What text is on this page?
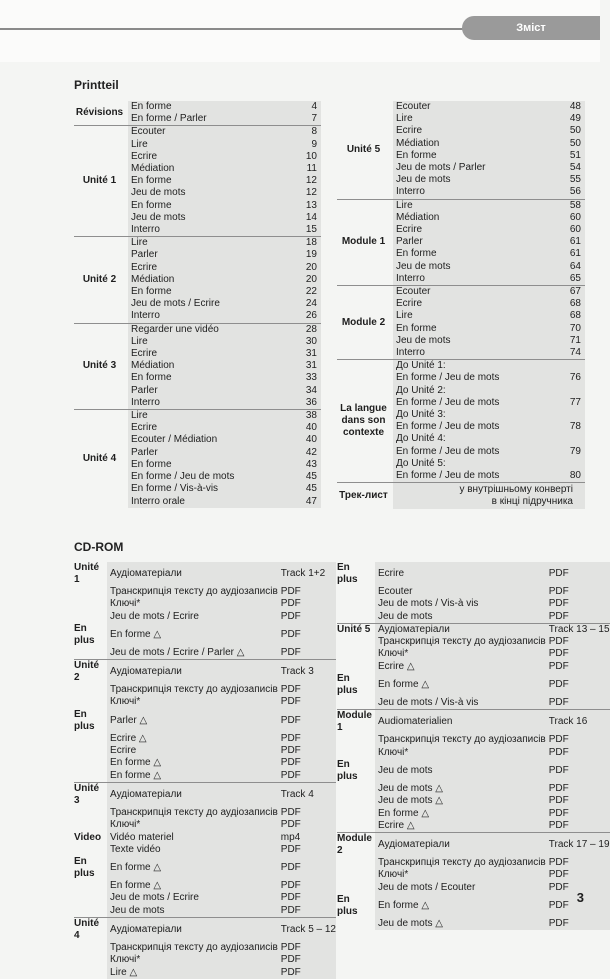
Зміст
Printteil
Révisions	En forme	4
	En forme / Parler	7
Unité 1	Ecouter	8
	Lire	9
	Ecrire	10
	Médiation	11
	En forme	12
	Jeu de mots	12
	En forme	13
	Jeu de mots	14
	Interro	15
Unité 2	Lire	18
	Parler	19
	Ecrire	20
	Médiation	20
	En forme	22
	Jeu de mots / Ecrire	24
	Interro	26
Unité 3	Regarder une vidéo	28
	Lire	30
	Ecrire	31
	Médiation	31
	En forme	33
	Parler	34
	Interro	36
Unité 4	Lire	38
	Ecrire	40
	Ecouter / Médiation	40
	Parler	42
	En forme	43
	En forme / Jeu de mots	45
	En forme / Vis-à-vis	45
	Interro orale	47
Unité 5	Ecouter	48
	Lire	49
	Ecrire	50
	Médiation	50
	En forme	51
	Jeu de mots / Parler	54
	Jeu de mots	55
	Interro	56
Module 1	Lire	58
	Médiation	60
	Ecrire	60
	Parler	61
	En forme	61
	Jeu de mots	64
	Interro	65
Module 2	Ecouter	67
	Ecrire	68
	Lire	68
	En forme	70
	Jeu de mots	71
	Interro	74
La langue dans son contexte	До Unité 1:	
	En forme / Jeu de mots	76
	До Unité 2:	
	En forme / Jeu de mots	77
	До Unité 3:	
	En forme / Jeu de mots	78
	До Unité 4:	
	En forme / Jeu de mots	79
	До Unité 5:	
	En forme / Jeu de mots	80
Трек-лист	у внутрішньому конверті
в кінці підручника	
CD-ROM
Unité 1	Аудіоматеріали	Track 1+2
	Транскрипція тексту до аудіозаписів	PDF
	Ключі*	PDF
	Jeu de mots / Ecrire	PDF
En plus	En forme △	PDF
	Jeu de mots / Ecrire / Parler △	PDF
Unité 2	Аудіоматеріали	Track 3
	Транскрипція тексту до аудіозаписів	PDF
	Ключі*	PDF
En plus	Parler △	PDF
	Ecrire △	PDF
	Ecrire	PDF
	En forme △	PDF
	En forme △	PDF
Unité 3	Аудіоматеріали	Track 4
	Транскрипція тексту до аудіозаписів	PDF
	Ключі*	PDF
Video	Vidéo materiel	mp4
	Texte vidéo	PDF
En plus	En forme △	PDF
	En forme △	PDF
	Jeu de mots / Ecrire	PDF
	Jeu de mots	PDF
Unité 4	Аудіоматеріали	Track 5 – 12
	Транскрипція тексту до аудіозаписів	PDF
	Ключі*	PDF
	Lire △	PDF
En plus	Ecrire	PDF
	Ecouter	PDF
	Jeu de mots / Vis-à vis	PDF
	Jeu de mots	PDF
Unité 5	Аудіоматеріали	Track 13 – 15
	Транскрипція тексту до аудіозаписів	PDF
	Ключі*	PDF
	Ecrire △	PDF
En plus	En forme △	PDF
	Jeu de mots / Vis-à vis	PDF
Module 1	Audiomaterialien	Track 16
	Транскрипція тексту до аудіозаписів	PDF
	Ключі*	PDF
En plus	Jeu de mots	PDF
	Jeu de mots △	PDF
	Jeu de mots △	PDF
	En forme △	PDF
	Ecrire △	PDF
Module 2	Аудіоматеріали	Track 17 – 19
	Транскрипція тексту до аудіозаписів	PDF
	Ключі*	PDF
	Jeu de mots / Ecouter	PDF
En plus	En forme △	PDF
	Jeu de mots △	PDF
3
